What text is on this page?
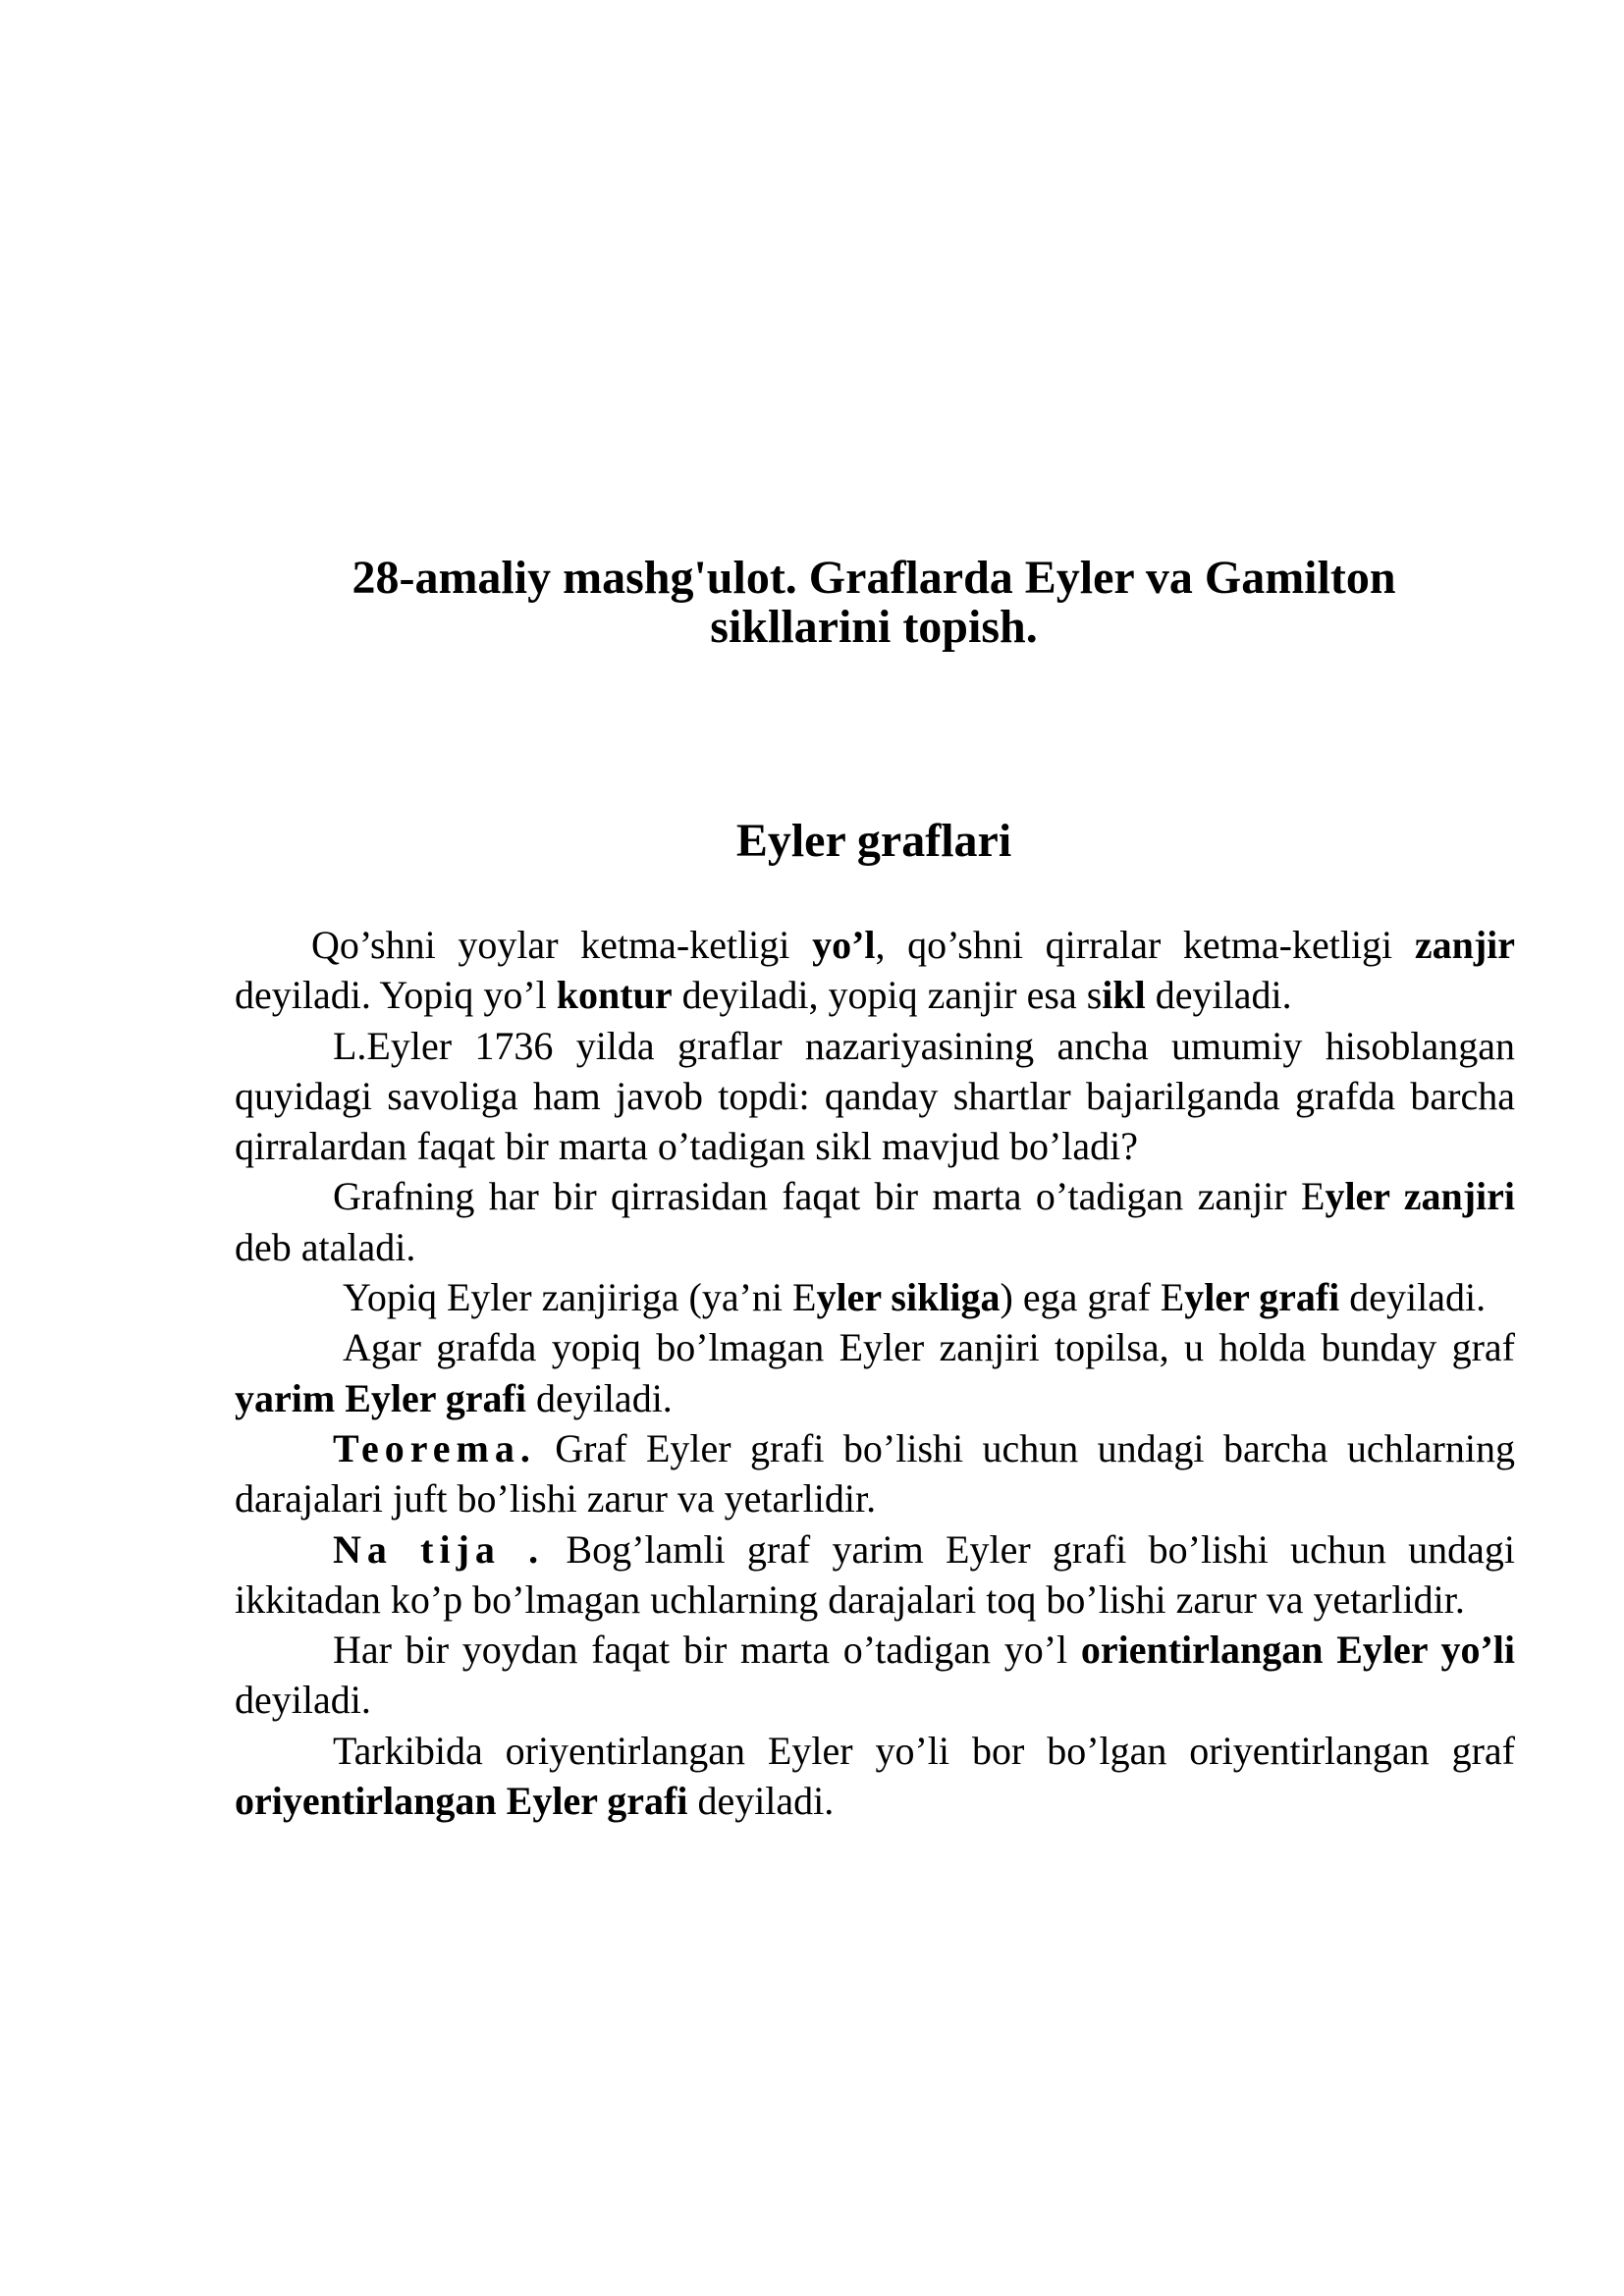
28-amaliy mashg'ulot. Graflarda Eyler va Gamilton
sikllarini topish.
Eyler graflari

Qo’shni yoylar ketma-ketligi yo’l, qo’shni qirralar ketma-ketligi zanjir deyiladi. Yopiq yo’l kontur deyiladi, yopiq zanjir esa sikl deyiladi.

L.Eyler 1736 yilda graflar nazariyasining ancha umumiy hisoblangan quyidagi savoliga ham javob topdi: qanday shartlar bajarilganda grafda barcha qirralardan faqat bir marta o’tadigan sikl mavjud bo’ladi?

Grafning har bir qirrasidan faqat bir marta o’tadigan zanjir Eyler zanjiri deb ataladi.

Yopiq Eyler zanjiriga (ya’ni Eyler sikliga) ega graf Eyler grafi deyiladi.

Agar grafda yopiq bo’lmagan Eyler zanjiri topilsa, u holda bunday graf yarim Eyler grafi deyiladi.

Teorema. Graf Eyler grafi bo’lishi uchun undagi barcha uchlarning darajalari juft bo’lishi zarur va yetarlidir.

Na tija . Bog’lamli graf yarim Eyler grafi bo’lishi uchun undagi ikkitadan ko’p bo’lmagan uchlarning darajalari toq bo’lishi zarur va yetarlidir.

Har bir yoydan faqat bir marta o’tadigan yo’l orientirlangan Eyler yo’li deyiladi.

Tarkibida oriyentirlangan Eyler yo’li bor bo’lgan oriyentirlangan graf oriyentirlangan Eyler grafi deyiladi.
